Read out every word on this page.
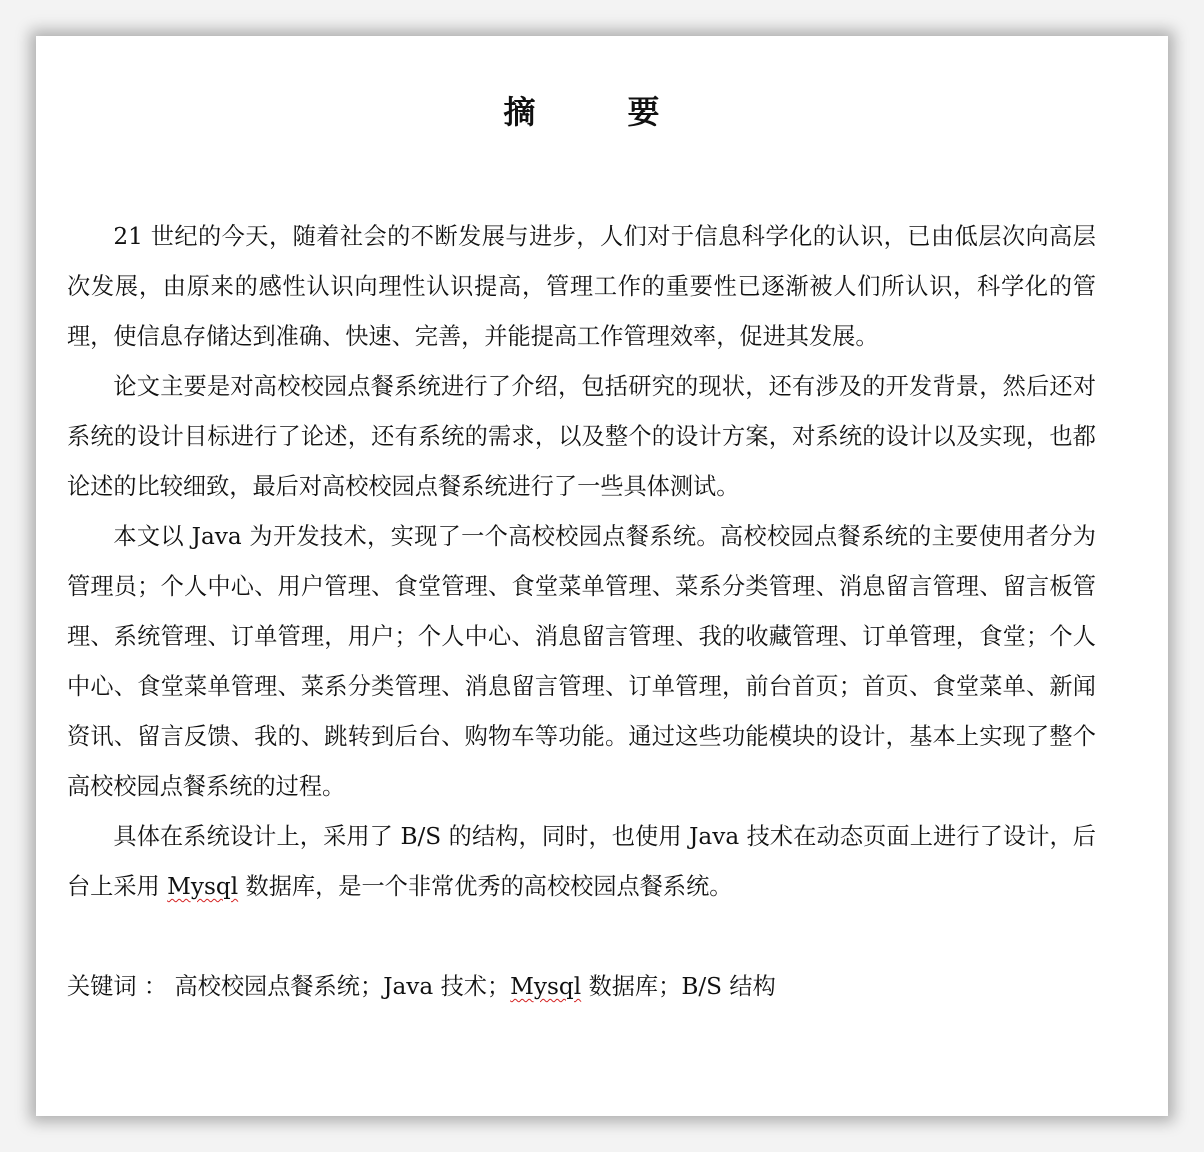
摘　要

21 世纪的今天，随着社会的不断发展与进步，人们对于信息科学化的认识，已由低层次向高层次发展，由原来的感性认识向理性认识提高，管理工作的重要性已逐渐被人们所认识，科学化的管理，使信息存储达到准确、快速、完善，并能提高工作管理效率，促进其发展。

论文主要是对高校校园点餐系统进行了介绍，包括研究的现状，还有涉及的开发背景，然后还对系统的设计目标进行了论述，还有系统的需求，以及整个的设计方案，对系统的设计以及实现，也都论述的比较细致，最后对高校校园点餐系统进行了一些具体测试。

本文以 Java 为开发技术，实现了一个高校校园点餐系统。高校校园点餐系统的主要使用者分为管理员；个人中心、用户管理、食堂管理、食堂菜单管理、菜系分类管理、消息留言管理、留言板管理、系统管理、订单管理，用户；个人中心、消息留言管理、我的收藏管理、订单管理，食堂；个人中心、食堂菜单管理、菜系分类管理、消息留言管理、订单管理，前台首页；首页、食堂菜单、新闻资讯、留言反馈、我的、跳转到后台、购物车等功能。通过这些功能模块的设计，基本上实现了整个高校校园点餐系统的过程。

具体在系统设计上，采用了 B/S 的结构，同时，也使用 Java 技术在动态页面上进行了设计，后台上采用 Mysql 数据库，是一个非常优秀的高校校园点餐系统。

关键词 ： 高校校园点餐系统；Java 技术；Mysql 数据库；B/S 结构
